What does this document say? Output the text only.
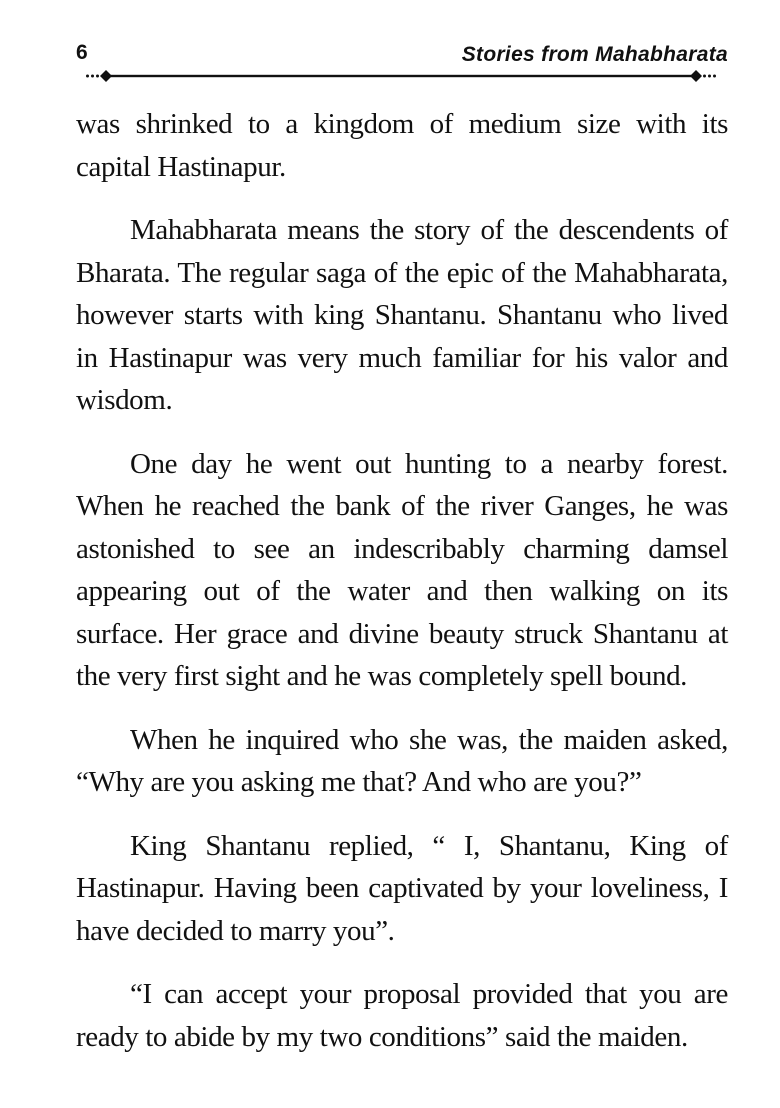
6	Stories from Mahabharata

was shrinked to a kingdom of medium size with its capital Hastinapur.

Mahabharata means the story of the descendents of Bharata. The regular saga of the epic of the Mahabharata, however starts with king Shantanu. Shantanu who lived in Hastinapur was very much familiar for his valor and wisdom.

One day he went out hunting to a nearby forest. When he reached the bank of the river Ganges, he was astonished to see an indescribably charming damsel appearing out of the water and then walking on its surface. Her grace and divine beauty struck Shantanu at the very first sight and he was completely spell bound.

When he inquired who she was, the maiden asked, “Why are you asking me that? And who are you?”

King Shantanu replied, “ I, Shantanu, King of Hastinapur. Having been captivated by your loveliness, I have decided to marry you”.

“I can accept your proposal provided that you are ready to abide by my two conditions” said the maiden.
